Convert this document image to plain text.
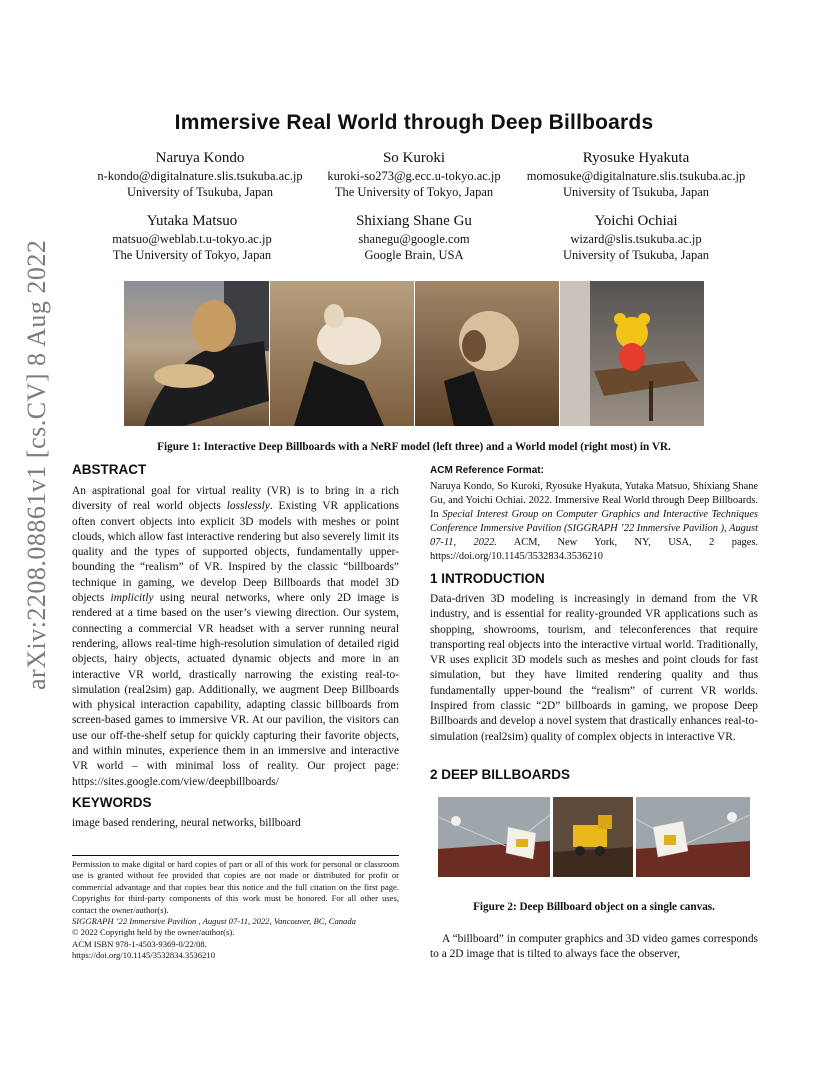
Immersive Real World through Deep Billboards
Naruya Kondo
n-kondo@digitalnature.slis.tsukuba.ac.jp
University of Tsukuba, Japan
So Kuroki
kuroki-so273@g.ecc.u-tokyo.ac.jp
The University of Tokyo, Japan
Ryosuke Hyakuta
momosuke@digitalnature.slis.tsukuba.ac.jp
University of Tsukuba, Japan
Yutaka Matsuo
matsuo@weblab.t.u-tokyo.ac.jp
The University of Tokyo, Japan
Shixiang Shane Gu
shanegu@google.com
Google Brain, USA
Yoichi Ochiai
wizard@slis.tsukuba.ac.jp
University of Tsukuba, Japan
arXiv:2208.08861v1 [cs.CV] 8 Aug 2022	Figure 1: Interactive Deep Billboards with a NeRF model (left three) and a World model (right most) in VR.
ABSTRACT
An aspirational goal for virtual reality (VR) is to bring in a rich diversity of real world objects losslessly. Existing VR applications often convert objects into explicit 3D models with meshes or point clouds, which allow fast interactive rendering but also severely limit its quality and the types of supported objects, fundamentally upper-bounding the “realism” of VR. Inspired by the classic “billboards” technique in gaming, we develop Deep Billboards that model 3D objects implicitly using neural networks, where only 2D image is rendered at a time based on the user’s viewing direction. Our system, connecting a commercial VR headset with a server running neural rendering, allows real-time high-resolution simulation of detailed rigid objects, hairy objects, actuated dynamic objects and more in an interactive VR world, drastically narrowing the existing real-to-simulation (real2sim) gap. Additionally, we augment Deep Billboards with physical interaction capability, adapting classic billboards from screen-based games to immersive VR. At our pavilion, the visitors can use our off-the-shelf setup for quickly capturing their favorite objects, and within minutes, experience them in an immersive and interactive VR world – with minimal loss of reality. Our project page: https://sites.google.com/view/deepbillboards/
KEYWORDS
image based rendering, neural networks, billboard
Permission to make digital or hard copies of part or all of this work for personal or classroom use is granted without fee provided that copies are not made or distributed for profit or commercial advantage and that copies bear this notice and the full citation on the first page. Copyrights for third-party components of this work must be honored. For all other uses, contact the owner/author(s).
SIGGRAPH ’22 Immersive Pavilion , August 07-11, 2022, Vancouver, BC, Canada
© 2022 Copyright held by the owner/author(s).
ACM ISBN 978-1-4503-9369-0/22/08.
https://doi.org/10.1145/3532834.3536210
ACM Reference Format:
Naruya Kondo, So Kuroki, Ryosuke Hyakuta, Yutaka Matsuo, Shixiang Shane Gu, and Yoichi Ochiai. 2022. Immersive Real World through Deep Billboards. In Special Interest Group on Computer Graphics and Interactive Techniques Conference Immersive Pavilion (SIGGRAPH ’22 Immersive Pavilion ), August 07-11, 2022. ACM, New York, NY, USA, 2 pages. https://doi.org/10.1145/3532834.3536210
1 INTRODUCTION
Data-driven 3D modeling is increasingly in demand from the VR industry, and is essential for reality-grounded VR applications such as shopping, showrooms, tourism, and teleconferences that require transporting real objects into the interactive virtual world. Traditionally, VR uses explicit 3D models such as meshes and point clouds for fast simulation, but they have limited rendering quality and thus fundamentally upper-bound the “realism” of current VR worlds. Inspired from classic “2D” billboards in gaming, we propose Deep Billboards and develop a novel system that drastically enhances real-to-simulation (real2sim) quality of complex objects in interactive VR.
2 DEEP BILLBOARDS
Figure 2: Deep Billboard object on a single canvas.
A “billboard” in computer graphics and 3D video games corresponds to a 2D image that is tilted to always face the observer,
